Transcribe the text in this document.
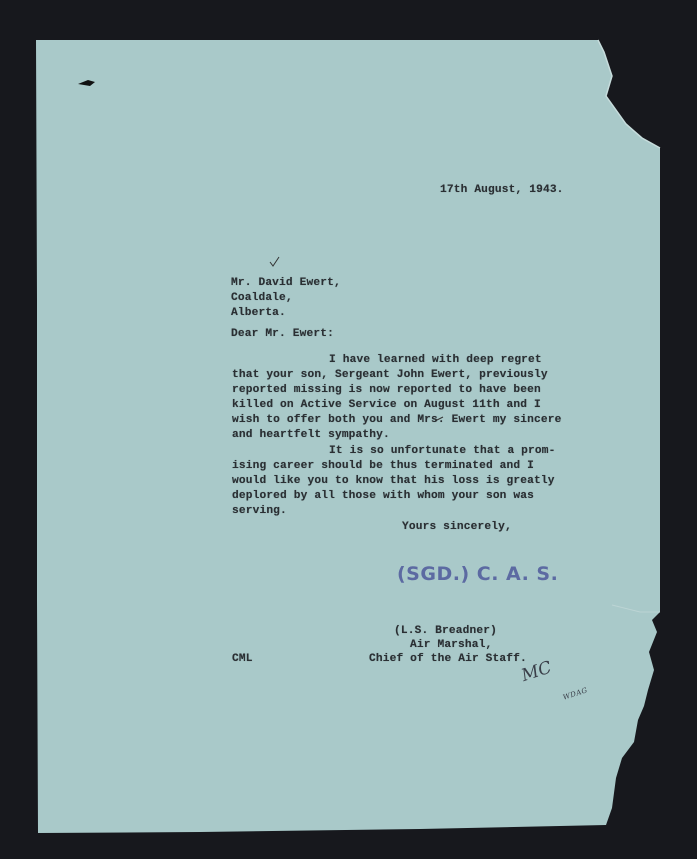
17th August, 1943.

Mr. David Ewert,

Coaldale,

Alberta.

Dear Mr. Ewert:

I have learned with deep regret

that your son, Sergeant John Ewert, previously

reported missing is now reported to have been

killed on Active Service on August 11th and I

wish to offer both you and Mrs. Ewert my sincere

and heartfelt sympathy.

It is so unfortunate that a prom-

ising career should be thus terminated and I

would like you to know that his loss is greatly

deplored by all those with whom your son was

serving.

Yours sincerely,

(SGD.) C. A. S.

(L.S. Breadner)

Air Marshal,

Chief of the Air Staff.

CML	MC

WDAG
